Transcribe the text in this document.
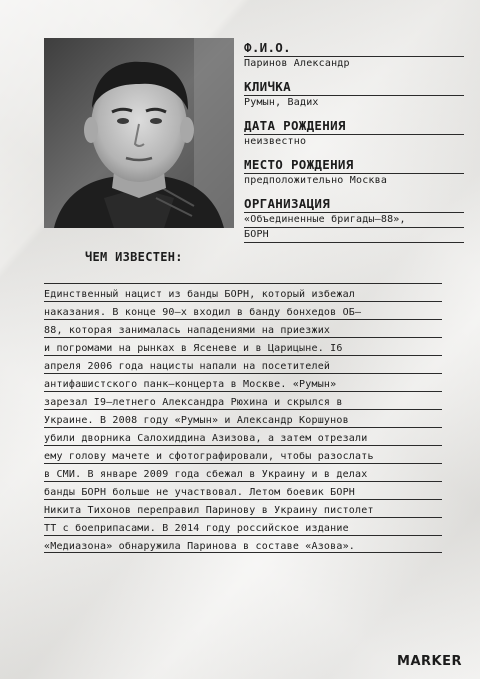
Ф.И.О.
Паринов Александр
КЛИЧКА
Румын, Вадих
ДАТА РОЖДЕНИЯ
неизвестно
МЕСТО РОЖДЕНИЯ
предположительно Москва
ОРГАНИЗАЦИЯ
«Объединенные бригады–88»,
БОРН
ЧЕМ ИЗВЕСТЕН:
Единственный нацист из банды БОРН, который избежал
наказания. В конце 90–х входил в банду бонхедов ОБ–
88, которая занималась нападениями на приезжих
и погромами на рынках в Ясеневе и в Царицыне. I6
апреля 2006 года нацисты напали на посетителей
антифашистского панк–концерта в Москве. «Румын»
зарезал I9–летнего Александра Рюхина и скрылся в
Украине. В 2008 году «Румын» и Александр Коршунов
убили дворника Салохиддина Азизова, а затем отрезали
ему голову мачете и сфотографировали, чтобы разослать
в СМИ. В январе 2009 года сбежал в Украину и в делах
банды БОРН больше не участвовал. Летом боевик БОРН
Никита Тихонов переправил Паринову в Украину пистолет
ТТ с боеприпасами. В 2014 году российское издание
«Медиазона» обнаружила Паринова в составе «Азова».
MARKER
